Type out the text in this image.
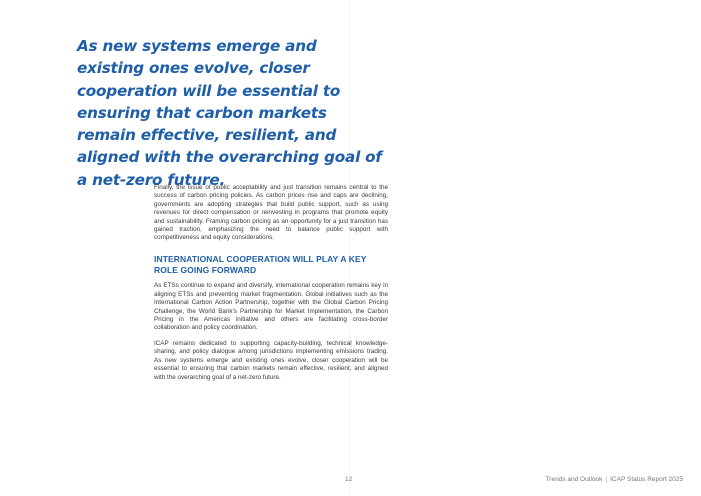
As new systems emerge and existing ones evolve, closer cooperation will be essential to ensuring that carbon markets remain effective, resilient, and aligned with the overarching goal of a net-zero future.

Finally, the issue of public acceptability and just transition remains central to the success of carbon pricing policies. As carbon prices rise and caps are declining, governments are adopting strategies that build public support, such as using revenues for direct compensation or reinvesting in programs that promote equity and sustainability. Framing carbon pricing as an opportunity for a just transition has gained traction, emphasizing the need to balance public support with competitiveness and equity considerations.

INTERNATIONAL COOPERATION WILL PLAY A KEY ROLE GOING FORWARD

As ETSs continue to expand and diversify, international cooperation remains key in aligning ETSs and preventing market fragmentation. Global initiatives such as the International Carbon Action Partnership, together with the Global Carbon Pricing Challenge, the World Bank's Partnership for Market Implementation, the Carbon Pricing in the Americas initiative and others are facilitating cross-border collaboration and policy coordination.

ICAP remains dedicated to supporting capacity-building, technical knowledge-sharing, and policy dialogue among jurisdictions implementing emissions trading. As new systems emerge and existing ones evolve, closer cooperation will be essential to ensuring that carbon markets remain effective, resilient, and aligned with the overarching goal of a net-zero future.

12	Trends and Outlook | ICAP Status Report 2025
